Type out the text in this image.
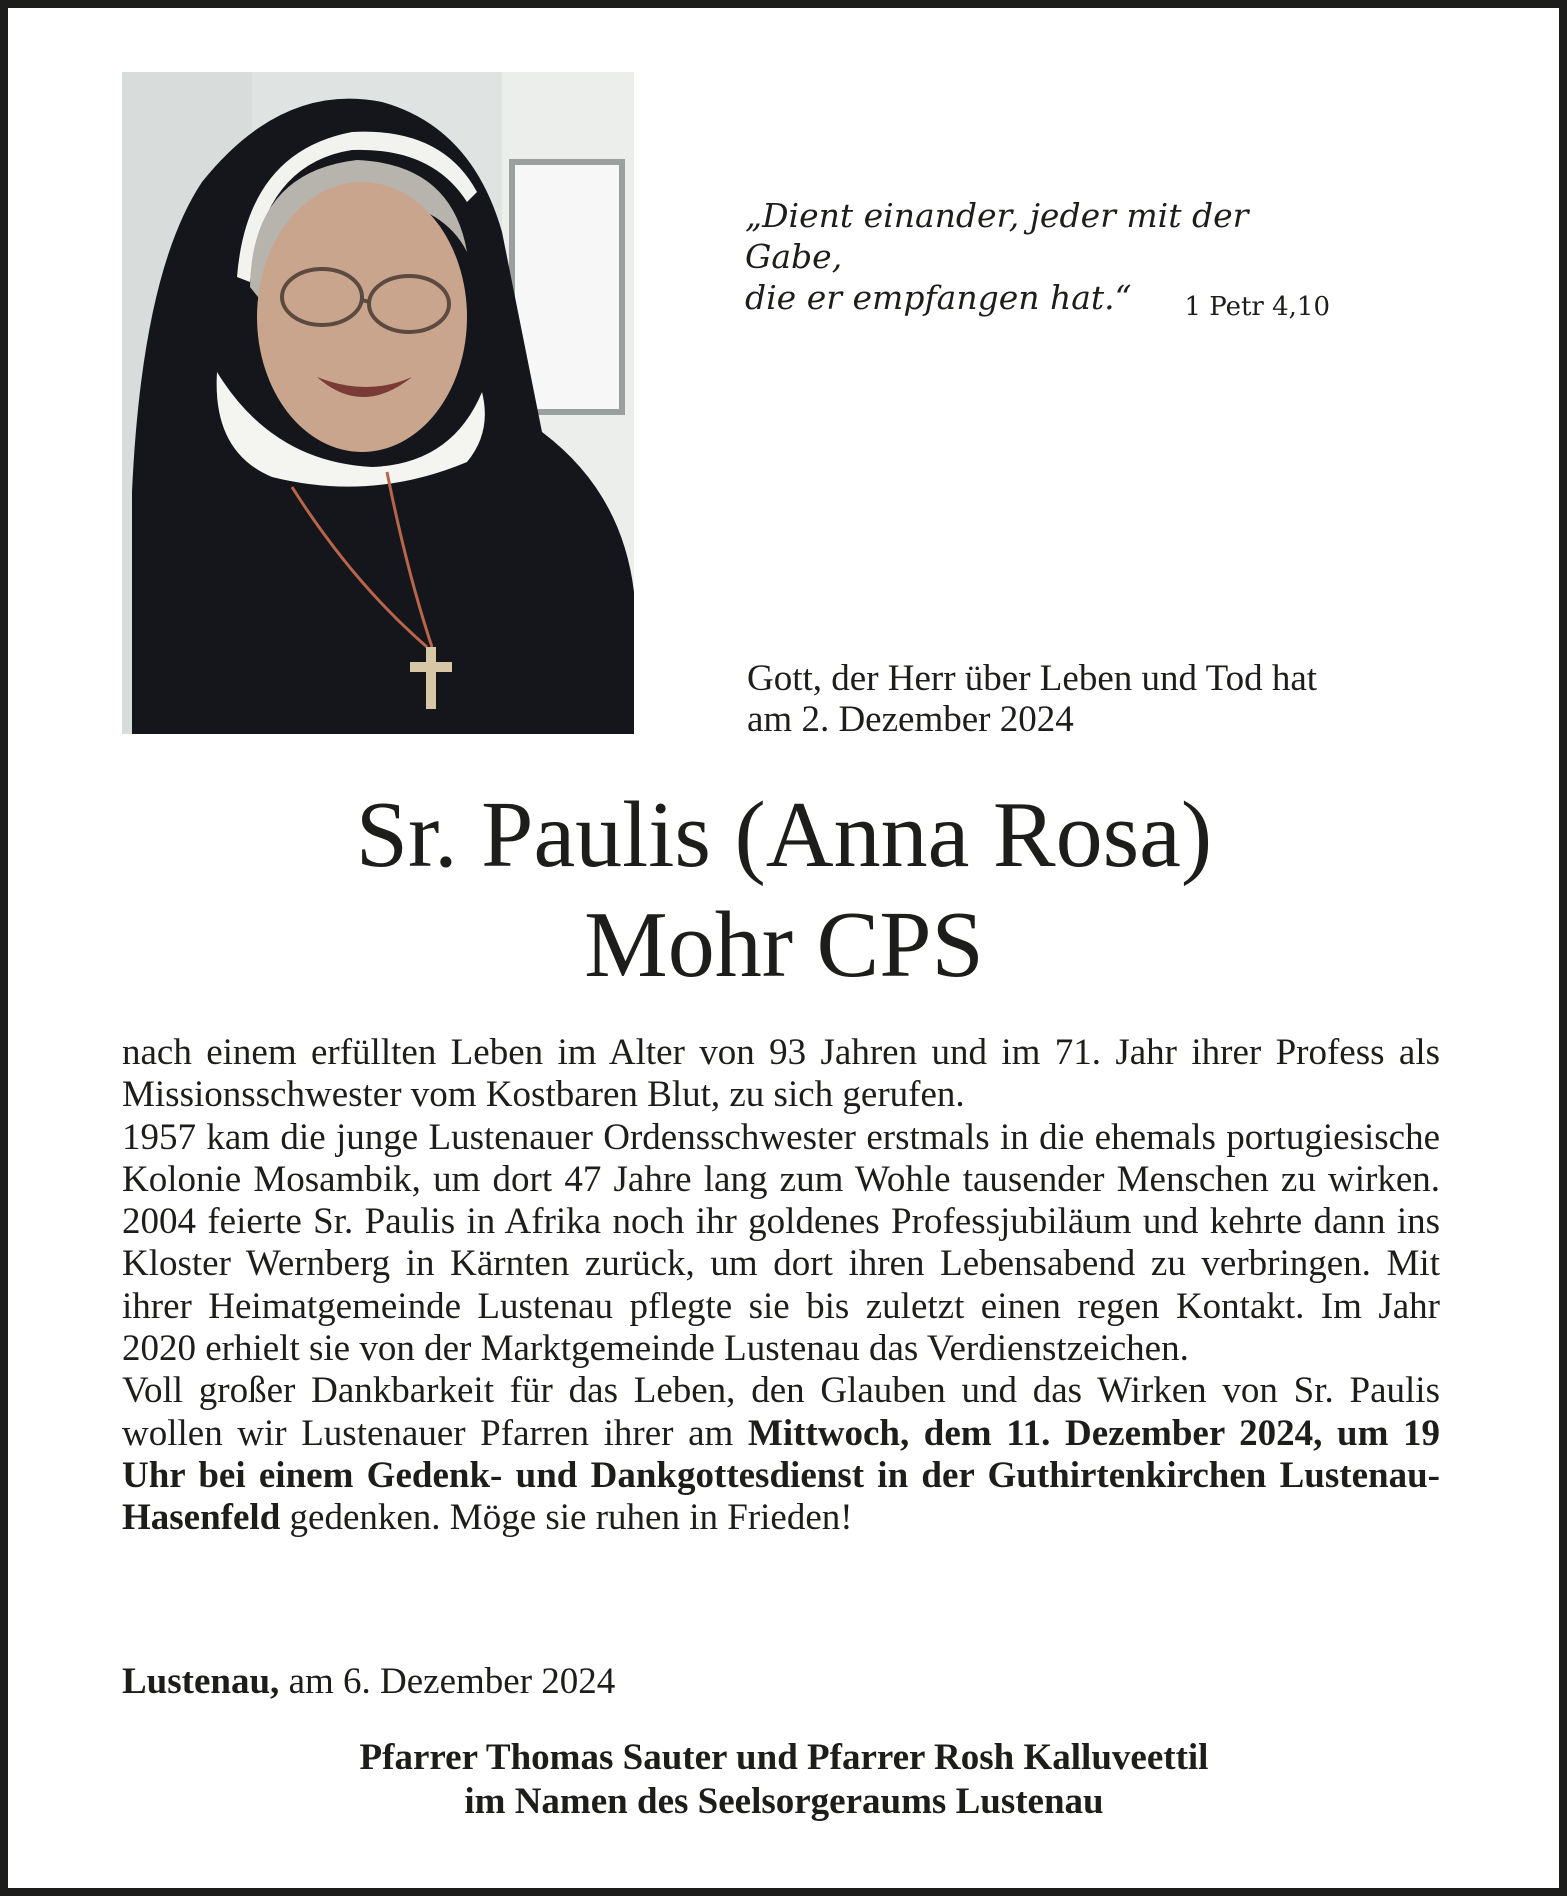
„Dient einander, jeder mit der Gabe,
die er empfangen hat.“	1 Petr 4,10
Gott, der Herr über Leben und Tod hat
am 2. Dezember 2024
Sr. Paulis (Anna Rosa)
Mohr CPS

nach einem erfüllten Leben im Alter von 93 Jahren und im 71. Jahr ihrer Profess als Missionsschwester vom Kostbaren Blut, zu sich gerufen.

1957 kam die junge Lustenauer Ordensschwester erstmals in die ehemals portugiesische Kolonie Mosambik, um dort 47 Jahre lang zum Wohle tausender Menschen zu wirken. 2004 feierte Sr. Paulis in Afrika noch ihr goldenes Professjubiläum und kehrte dann ins Kloster Wernberg in Kärnten zurück, um dort ihren Lebensabend zu verbringen. Mit ihrer Heimatgemeinde Lustenau pflegte sie bis zuletzt einen regen Kontakt. Im Jahr 2020 erhielt sie von der Marktgemeinde Lustenau das Verdienstzeichen.

Voll großer Dankbarkeit für das Leben, den Glauben und das Wirken von Sr. Paulis wollen wir Lustenauer Pfarren ihrer am Mittwoch, dem 11. Dezember 2024, um 19 Uhr bei einem Gedenk- und Dankgottesdienst in der Guthirtenkirchen Lustenau-Hasenfeld gedenken. Möge sie ruhen in Frieden!

Lustenau, am 6. Dezember 2024
Pfarrer Thomas Sauter und Pfarrer Rosh Kalluveettil
im Namen des Seelsorgeraums Lustenau
